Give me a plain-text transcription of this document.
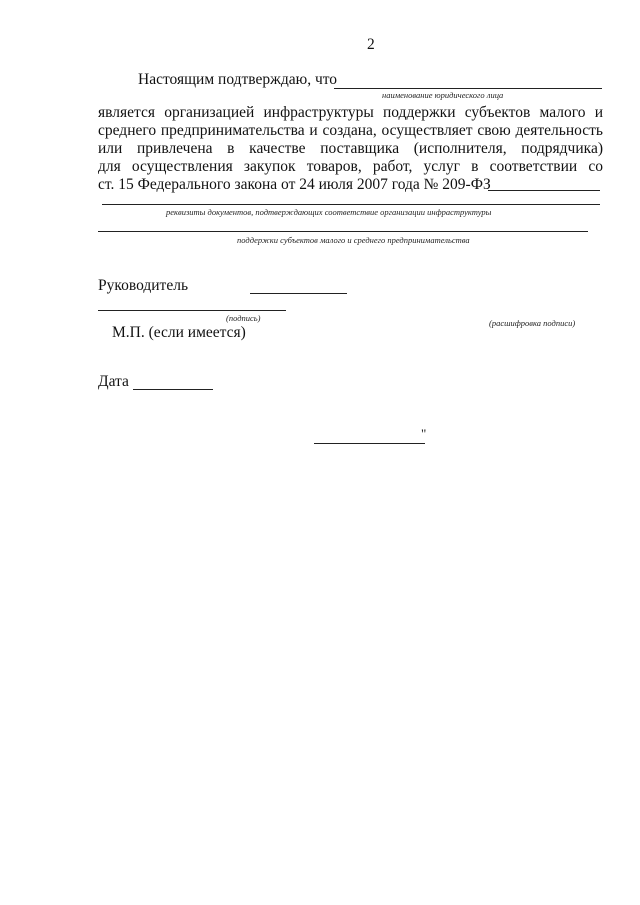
2
Настоящим подтверждаю, что
наименование юридического лица
является организацией инфраструктуры поддержки субъектов малого и
среднего предпринимательства и создана, осуществляет свою деятельность
или привлечена в качестве поставщика (исполнителя, подрядчика)
для осуществления закупок товаров, работ, услуг в соответствии со
ст. 15 Федерального закона от 24 июля 2007 года № 209-ФЗ
реквизиты документов, подтверждающих соответствие организации инфраструктуры
поддержки субъектов малого и среднего предпринимательства
Руководитель
(подпись)	(расшифровка подписи)
М.П. (если имеется)
Дата
"
